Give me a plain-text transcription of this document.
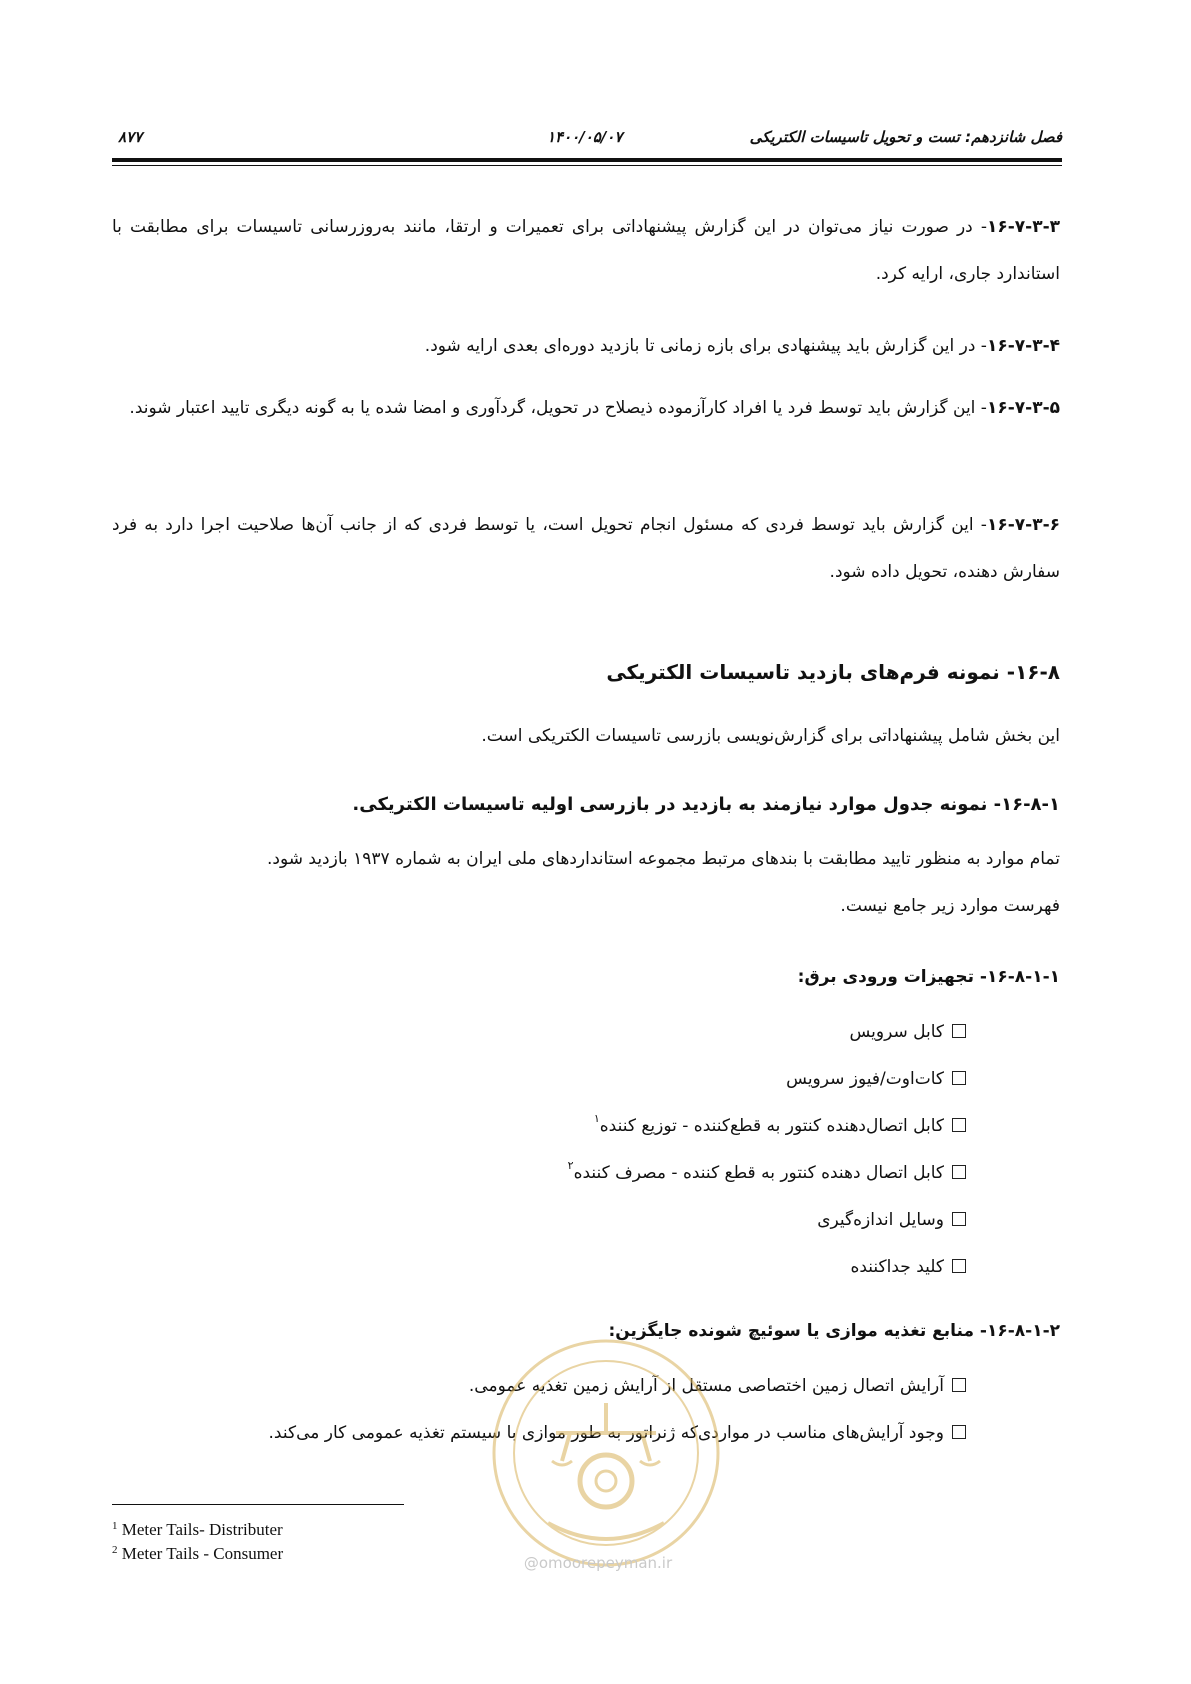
فصل شانزدهم: تست و تحویل تاسیسات الکتریکی
۱۴۰۰/۰۵/۰۷
۸۷۷
۱۶-۷-۳-۳- در صورت نیاز می‌توان در این گزارش پیشنهاداتی برای تعمیرات و ارتقا، مانند به‌روزرسانی تاسیسات برای مطابقت با استاندارد جاری، ارایه کرد.
۱۶-۷-۳-۴- در این گزارش باید پیشنهادی برای بازه زمانی تا بازدید دوره‌ای بعدی ارایه شود.
۱۶-۷-۳-۵- این گزارش باید توسط فرد یا افراد کارآزموده ذیصلاح در تحویل، گردآوری و امضا شده یا به گونه دیگری تایید اعتبار شوند.
۱۶-۷-۳-۶- این گزارش باید توسط فردی که مسئول انجام تحویل است، یا توسط فردی که از جانب آن‌ها صلاحیت اجرا دارد به فرد سفارش دهنده، تحویل داده شود.
۱۶-۸- نمونه فرم‌های بازدید تاسیسات الکتریکی
این بخش شامل پیشنهاداتی برای گزارش‌نویسی بازرسی تاسیسات الکتریکی است.
۱۶-۸-۱- نمونه جدول موارد نیازمند به بازدید در بازرسی اولیه تاسیسات الکتریکی.
تمام موارد به منظور تایید مطابقت با بندهای مرتبط مجموعه استانداردهای ملی ایران به شماره ۱۹۳۷ بازدید شود.
فهرست موارد زیر جامع نیست.
۱۶-۸-۱-۱- تجهیزات ورودی برق:
کابل سرویس
کات‌اوت/فیوز سرویس
کابل اتصال‌دهنده کنتور به قطع‌کننده - توزیع کننده$^۱$
کابل اتصال دهنده کنتور به قطع کننده - مصرف کننده$^۲$
وسایل اندازه‌گیری
کلید جداکننده
۱۶-۸-۱-۲- منابع تغذیه موازی یا سوئیچ شونده جایگزین:
آرایش اتصال زمین اختصاصی مستقل از آرایش زمین تغذیه عمومی.
وجود آرایش‌های مناسب در مواردی‌که ژنراتور به طور موازی با سیستم تغذیه عمومی کار می‌کند.
@omoorepeyman.ir
$^1$ Meter Tails- Distributer
$^2$ Meter Tails - Consumer
